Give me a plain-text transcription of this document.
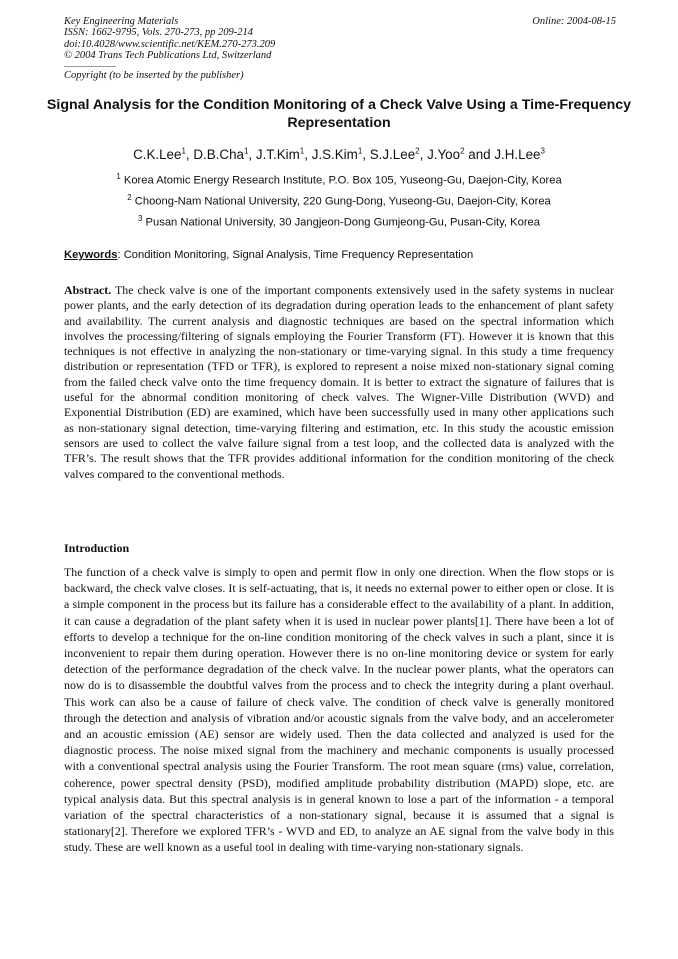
Key Engineering Materials
ISSN: 1662-9795, Vols. 270-273, pp 209-214
doi:10.4028/www.scientific.net/KEM.270-273.209
© 2004 Trans Tech Publications Ltd, Switzerland
Online: 2004-08-15
Copyright (to be inserted by the publisher)
Signal Analysis for the Condition Monitoring of a Check Valve Using a Time-Frequency Representation
C.K.Lee$^1$, D.B.Cha$^1$, J.T.Kim$^1$, J.S.Kim$^1$, S.J.Lee$^2$, J.Yoo$^2$ and J.H.Lee$^3$
$^1$ Korea Atomic Energy Research Institute, P.O. Box 105, Yuseong-Gu, Daejon-City, Korea
$^2$ Choong-Nam National University, 220 Gung-Dong, Yuseong-Gu, Daejon-City, Korea
$^3$ Pusan National University, 30 Jangjeon-Dong Gumjeong-Gu, Pusan-City, Korea
Keywords: Condition Monitoring, Signal Analysis, Time Frequency Representation

Abstract. The check valve is one of the important components extensively used in the safety systems in nuclear power plants, and the early detection of its degradation during operation leads to the enhancement of plant safety and availability. The current analysis and diagnostic techniques are based on the spectral information which involves the processing/filtering of signals employing the Fourier Transform (FT). However it is known that this techniques is not effective in analyzing the non-stationary or time-varying signal. In this study a time frequency distribution or representation (TFD or TFR), is explored to represent a noise mixed non-stationary signal coming from the failed check valve onto the time frequency domain. It is better to extract the signature of failures that is useful for the abnormal condition monitoring of check valves. The Wigner-Ville Distribution (WVD) and Exponential Distribution (ED) are examined, which have been successfully used in many other applications such as non-stationary signal detection, time-varying filtering and estimation, etc. In this study the acoustic emission sensors are used to collect the valve failure signal from a test loop, and the collected data is analyzed with the TFR’s. The result shows that the TFR provides additional information for the condition monitoring of the check valves compared to the conventional methods.

Introduction

The function of a check valve is simply to open and permit flow in only one direction. When the flow stops or is backward, the check valve closes. It is self-actuating, that is, it needs no external power to either open or close. It is a simple component in the process but its failure has a considerable effect to the availability of a plant. In addition, it can cause a degradation of the plant safety when it is used in nuclear power plants[1]. There have been a lot of efforts to develop a technique for the on-line condition monitoring of the check valves in such a plant, since it is inconvenient to repair them during operation. However there is no on-line monitoring device or system for early detection of the performance degradation of the check valve. In the nuclear power plants, what the operators can now do is to disassemble the doubtful valves from the process and to check the integrity during a plant overhaul. This work can also be a cause of failure of check valve. The condition of check valve is generally monitored through the detection and analysis of vibration and/or acoustic signals from the valve body, and an accelerometer and an acoustic emission (AE) sensor are widely used. Then the data collected and analyzed is used for the diagnostic process. The noise mixed signal from the machinery and mechanic components is usually processed with a conventional spectral analysis using the Fourier Transform. The root mean square (rms) value, correlation, coherence, power spectral density (PSD), modified amplitude probability distribution (MAPD) slope, etc. are typical analysis data. But this spectral analysis is in general known to lose a part of the information - a temporal variation of the spectral characteristics of a non-stationary signal, because it is assumed that a signal is stationary[2]. Therefore we explored TFR’s - WVD and ED, to analyze an AE signal from the valve body in this study. These are well known as a useful tool in dealing with time-varying non-stationary signals.
